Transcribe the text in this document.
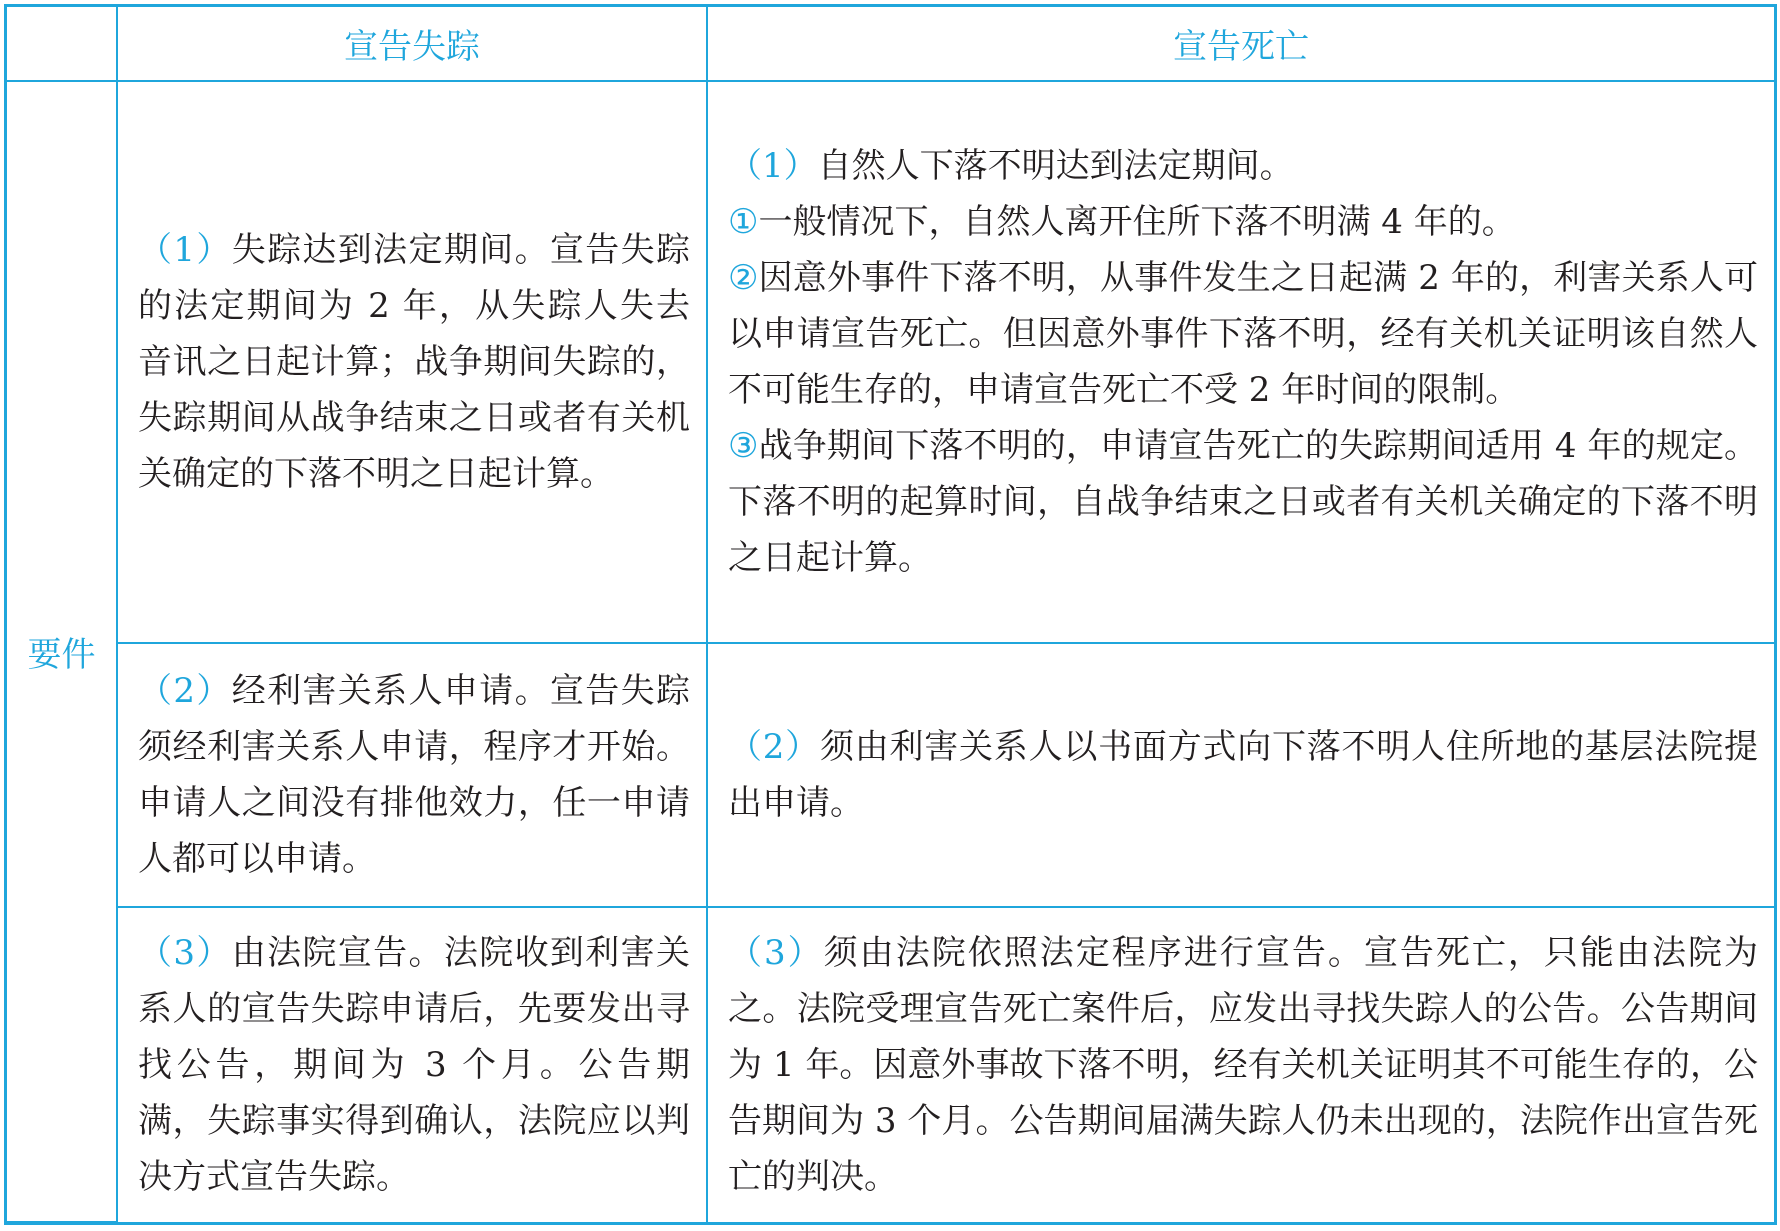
	宣告失踪	宣告死亡
要件	（1）失踪达到法定期间。宣告失踪的法定期间为 2 年，从失踪人失去音讯之日起计算；战争期间失踪的，失踪期间从战争结束之日或者有关机关确定的下落不明之日起计算。	（1）自然人下落不明达到法定期间。

①一般情况下，自然人离开住所下落不明满 4 年的。

②因意外事件下落不明，从事件发生之日起满 2 年的，利害关系人可以申请宣告死亡。但因意外事件下落不明，经有关机关证明该自然人不可能生存的，申请宣告死亡不受 2 年时间的限制。

③战争期间下落不明的，申请宣告死亡的失踪期间适用 4 年的规定。下落不明的起算时间，自战争结束之日或者有关机关确定的下落不明之日起计算。

	（2）经利害关系人申请。宣告失踪须经利害关系人申请，程序才开始。申请人之间没有排他效力，任一申请人都可以申请。	（2）须由利害关系人以书面方式向下落不明人住所地的基层法院提出申请。

	（3）由法院宣告。法院收到利害关系人的宣告失踪申请后，先要发出寻找公告，期间为 3 个月。公告期满，失踪事实得到确认，法院应以判决方式宣告失踪。	（3）须由法院依照法定程序进行宣告。宣告死亡，只能由法院为之。法院受理宣告死亡案件后，应发出寻找失踪人的公告。公告期间为 1 年。因意外事故下落不明，经有关机关证明其不可能生存的，公告期间为 3 个月。公告期间届满失踪人仍未出现的，法院作出宣告死亡的判决。
